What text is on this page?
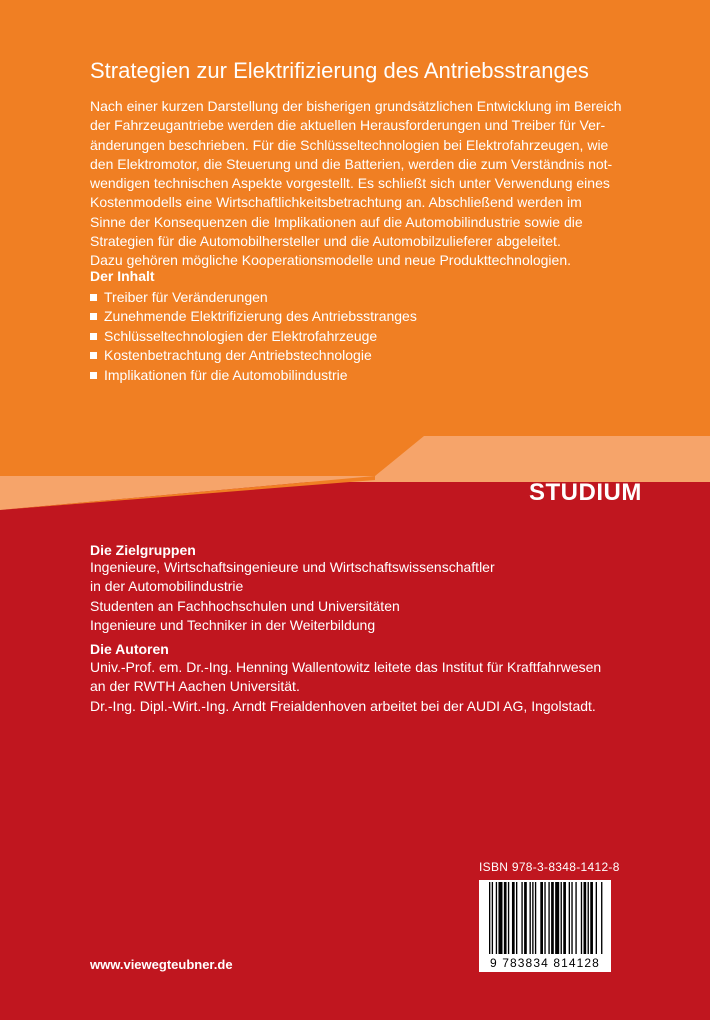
Strategien zur Elektrifizierung des Antriebsstranges

Nach einer kurzen Darstellung der bisherigen grundsätzlichen Entwicklung im Bereich
der Fahrzeugantriebe werden die aktuellen Herausforderungen und Treiber für Ver-
änderungen beschrieben. Für die Schlüsseltechnologien bei Elektrofahrzeugen, wie
den Elektromotor, die Steuerung und die Batterien, werden die zum Verständnis not-
wendigen technischen Aspekte vorgestellt. Es schließt sich unter Verwendung eines
Kostenmodells eine Wirtschaftlichkeitsbetrachtung an. Abschließend werden im
Sinne der Konsequenzen die Implikationen auf die Automobilindustrie sowie die
Strategien für die Automobilhersteller und die Automobilzulieferer abgeleitet.
Dazu gehören mögliche Kooperationsmodelle und neue Produkttechnologien.

Der Inhalt
Treiber für Veränderungen
Zunehmende Elektrifizierung des Antriebsstranges
Schlüsseltechnologien der Elektrofahrzeuge
Kostenbetrachtung der Antriebstechnologie
Implikationen für die Automobilindustrie
STUDIUM
Die Zielgruppen
Ingenieure, Wirtschaftsingenieure und Wirtschaftswissenschaftler
in der Automobilindustrie
Studenten an Fachhochschulen und Universitäten
Ingenieure und Techniker in der Weiterbildung
Die Autoren
Univ.-Prof. em. Dr.-Ing. Henning Wallentowitz leitete das Institut für Kraftfahrwesen
an der RWTH Aachen Universität.
Dr.-Ing. Dipl.-Wirt.-Ing. Arndt Freialdenhoven arbeitet bei der AUDI AG, Ingolstadt.
ISBN 978-3-8348-1412-8
9 783834 814128
www.viewegteubner.de
